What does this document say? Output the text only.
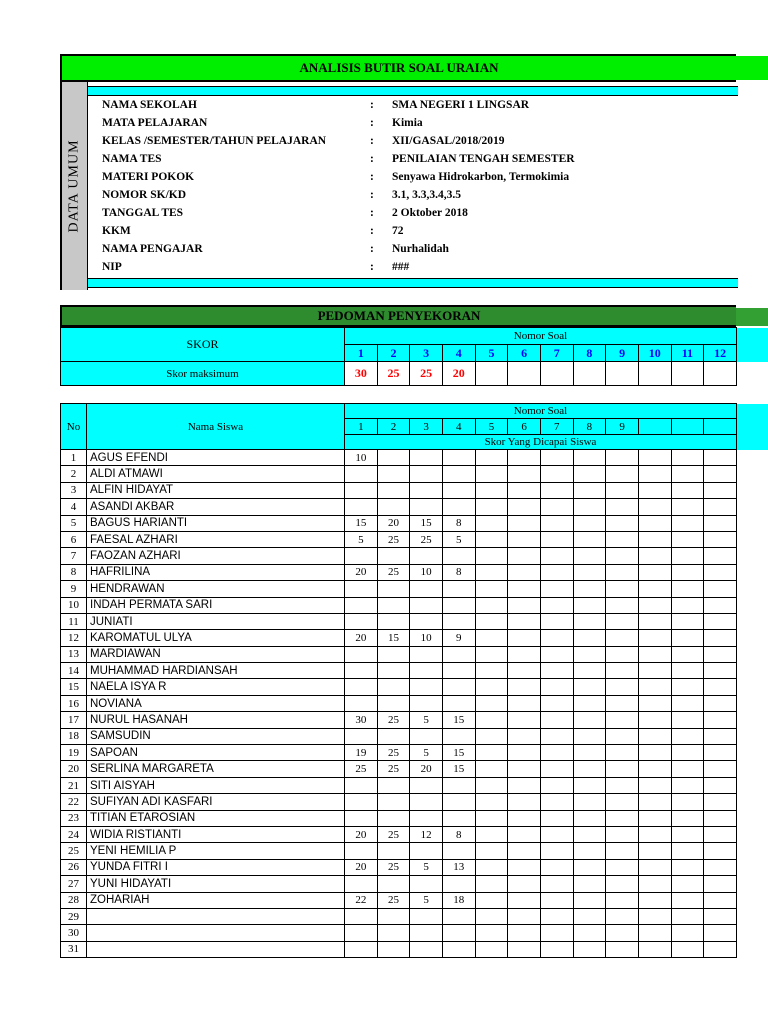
ANALISIS BUTIR SOAL URAIAN
DATA UMUM
NAMA SEKOLAH	: SMA NEGERI 1 LINGSAR
MATA PELAJARAN	: Kimia
KELAS /SEMESTER/TAHUN PELAJARAN	: XII/GASAL/2018/2019
NAMA TES	: PENILAIAN TENGAH SEMESTER
MATERI POKOK	: Senyawa Hidrokarbon, Termokimia
NOMOR SK/KD	: 3.1, 3.3,3.4,3.5
TANGGAL TES	: 2 Oktober 2018
KKM	: 72
NAMA PENGAJAR	: Nurhalidah
NIP	: ###
PEDOMAN PENYEKORAN
SKOR	Nomor Soal											
	1	2	3	4	5	6	7	8	9	10	11	12
Skor maksimum	30	25	25	20								
No	Nama Siswa	Nomor Soal											
		1	2	3	4	5	6	7	8	9			
		Skor Yang Dicapai Siswa											
1	AGUS EFENDI	10											
2	ALDI ATMAWI												
3	ALFIN HIDAYAT												
4	ASANDI AKBAR												
5	BAGUS HARIANTI	15	20	15	8								
6	FAESAL AZHARI	5	25	25	5								
7	FAOZAN AZHARI												
8	HAFRILINA	20	25	10	8								
9	HENDRAWAN												
10	INDAH PERMATA SARI												
11	JUNIATI												
12	KAROMATUL ULYA	20	15	10	9								
13	MARDIAWAN												
14	MUHAMMAD HARDIANSAH												
15	NAELA ISYA R												
16	NOVIANA												
17	NURUL HASANAH	30	25	5	15								
18	SAMSUDIN												
19	SAPOAN	19	25	5	15								
20	SERLINA MARGARETA	25	25	20	15								
21	SITI AISYAH												
22	SUFIYAN ADI KASFARI												
23	TITIAN ETAROSIAN												
24	WIDIA RISTIANTI	20	25	12	8								
25	YENI HEMILIA P												
26	YUNDA FITRI I	20	25	5	13								
27	YUNI HIDAYATI												
28	ZOHARIAH	22	25	5	18								
29													
30													
31													
